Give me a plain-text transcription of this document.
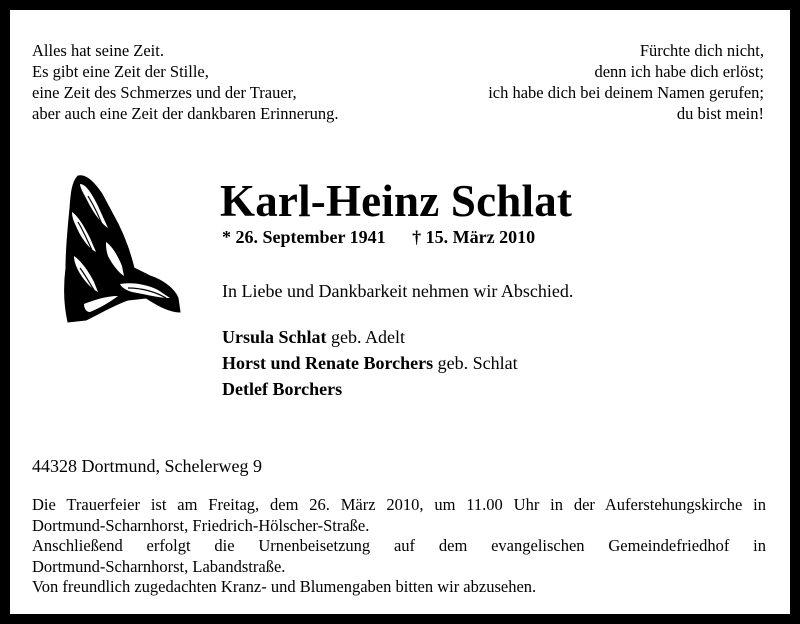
Alles hat seine Zeit.
Es gibt eine Zeit der Stille,
eine Zeit des Schmerzes und der Trauer,
aber auch eine Zeit der dankbaren Erinnerung.
Fürchte dich nicht,
denn ich habe dich erlöst;
ich habe dich bei deinem Namen gerufen;
du bist mein!
Karl-Heinz Schlat
* 26. September 1941 † 15. März 2010
In Liebe und Dankbarkeit nehmen wir Abschied.
Ursula Schlat geb. Adelt
Horst und Renate Borchers geb. Schlat
Detlef Borchers
44328 Dortmund, Schelerweg 9
Die Trauerfeier ist am Freitag, dem 26. März 2010, um 11.00 Uhr in der Auferstehungskirche in
Dortmund-Scharnhorst, Friedrich-Hölscher-Straße.
Anschließend erfolgt die Urnenbeisetzung auf dem evangelischen Gemeindefriedhof in
Dortmund-Scharnhorst, Labandstraße.
Von freundlich zugedachten Kranz- und Blumengaben bitten wir abzusehen.
